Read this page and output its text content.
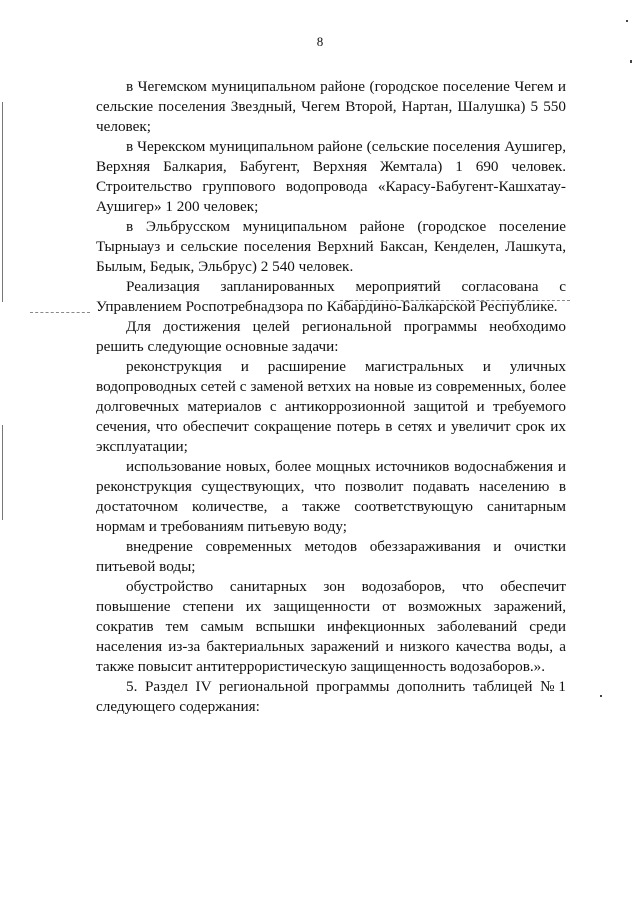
8

в Чегемском муниципальном районе (городское поселение Чегем и сельские поселения Звездный, Чегем Второй, Нартан, Шалушка) 5 550 человек;

в Черекском муниципальном районе (сельские поселения Аушигер, Верхняя Балкария, Бабугент, Верхняя Жемтала) 1 690 человек. Строительство группового водопровода «Карасу-Бабугент-Кашхатау-Аушигер» 1 200 человек;

в Эльбрусском муниципальном районе (городское поселение Тырныауз и сельские поселения Верхний Баксан, Кенделен, Лашкута, Былым, Бедык, Эльбрус) 2 540 человек.

Реализация запланированных мероприятий согласована с Управлением Роспотребнадзора по Кабардино-Балкарской Республике.

Для достижения целей региональной программы необходимо решить следующие основные задачи:

реконструкция и расширение магистральных и уличных водопроводных сетей с заменой ветхих на новые из современных, более долговечных материалов с антикоррозионной защитой и требуемого сечения, что обеспечит сокращение потерь в сетях и увеличит срок их эксплуатации;

использование новых, более мощных источников водоснабжения и реконструкция существующих, что позволит подавать населению в достаточном количестве, а также соответствующую санитарным нормам и требованиям питьевую воду;

внедрение современных методов обеззараживания и очистки питьевой воды;

обустройство санитарных зон водозаборов, что обеспечит повышение степени их защищенности от возможных заражений, сократив тем самым вспышки инфекционных заболеваний среди населения из-за бактериальных заражений и низкого качества воды, а также повысит антитеррористическую защищенность водозаборов.».

5. Раздел IV региональной программы дополнить таблицей №1 следующего содержания:
